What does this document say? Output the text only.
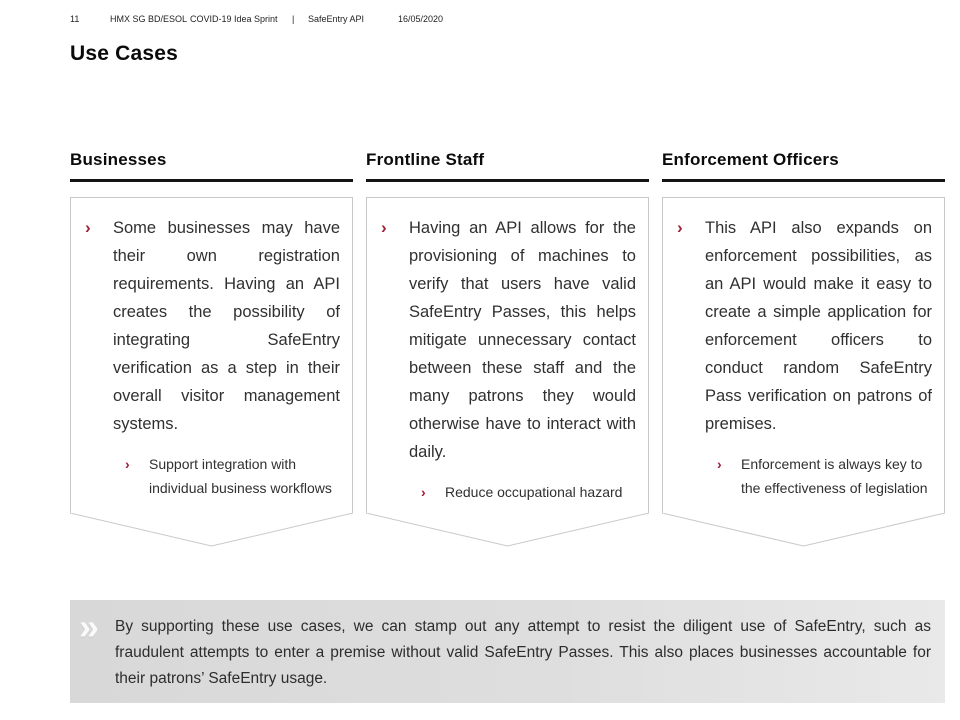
11	HMX SG BD/ESOL COVID-19 Idea Sprint | SafeEntry API	16/05/2020
Use Cases
Businesses
›	Some businesses may have their own registration requirements. Having an API creates the possibility of integrating SafeEntry verification as a step in their overall visitor management systems.

›	Support integration with individual business workflows

Frontline Staff
›	Having an API allows for the provisioning of machines to verify that users have valid SafeEntry Passes, this helps mitigate unnecessary contact between these staff and the many patrons they would otherwise have to interact with daily.

›	Reduce occupational hazard

Enforcement Officers
›	This API also expands on enforcement possibilities, as an API would make it easy to create a simple application for enforcement officers to conduct random SafeEntry Pass verification on patrons of premises.

›	Enforcement is always key to the effectiveness of legislation

»	By supporting these use cases, we can stamp out any attempt to resist the diligent use of SafeEntry, such as fraudulent attempts to enter a premise without valid SafeEntry Passes. This also places businesses accountable for their patrons’ SafeEntry usage.
